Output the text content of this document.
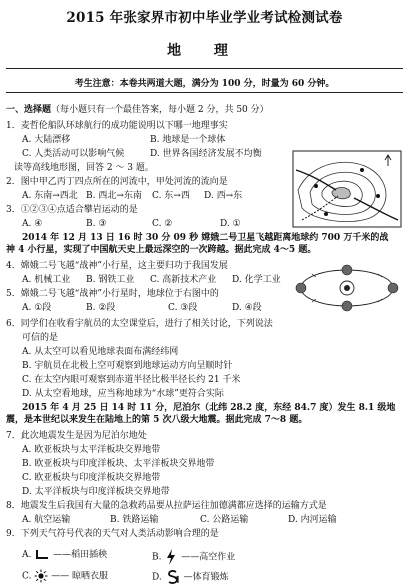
2015 年张家界市初中毕业学业考试检测试卷
地 理
考生注意：本卷共两道大题，满分为 100 分，时量为 60 分钟。
一、选择题（每小题只有一个最佳答案，每小题 2 分，共 50 分）
1．麦哲伦船队环球航行的成功能说明以下哪一地理事实
A. 大陆漂移	B. 地球是一个球体
C. 人类活动可以影响气候	D. 世界各国经济发展不均衡
读等高线地形图，回答 2 ～ 3 题。
2．图中甲乙丙丁四点所在的河流中，甲处河流的流向是
A. 东南→西北 B. 西北→东南 C. 东→西 D. 西→东
3．①②③④点适合攀岩运动的是
A. ④	B. ③	C. ②	D. ①
2014 年 12 月 13 日 16 时 30 分 09 秒 嫦娥二号卫星飞越距离地球约 700 万千米的战
神 4 小行星，实现了中国航天史上最远深空的一次跨越。据此完成 4～5 题。
4．嫦娥二号飞越“战神”小行星，这主要归功于我国发展
A. 机械工业 B. 钢铁工业 C. 高新技术产业 D. 化学工业
5．嫦娥二号飞越“战神”小行星时，地球位于右图中的
A. ①段	B. ②段	C. ③段	D. ④段
6．同学们在收看宇航员的太空课堂后，进行了相关讨论，下列说法
可信的是
A. 从太空可以看见地球表面布满经纬网
B. 宇航员在北极上空可观察到地球运动方向呈顺时针
C. 在太空内眼可观察到赤道半径比极半径长约 21 千米
D. 从太空看地球，应当称地球为“水球”更符合实际
2015 年 4 月 25 日 14 时 11 分，尼泊尔（北纬 28.2 度，东经 84.7 度）发生 8.1 级地
震，是本世纪以来发生在陆地上的第 5 次八级大地震。据此完成 7～8 题。
7．此次地震发生是因为尼泊尔地处
A. 欧亚板块与太平洋板块交界地带
B. 欧亚板块与印度洋板块、太平洋板块交界地带
C. 欧亚板块与印度洋板块交界地带
D. 太平洋板块与印度洋板块交界地带
8．地震发生后我国有大量的急救药品要从拉萨运往加德满都应选择的运输方式是
A. 航空运输	B. 铁路运输	C. 公路运输	D. 内河运输
9．下列天气符号代表的天气对人类活动影响合理的是
A. ——稻田插秧	B. ——高空作业
C. —— 晾晒衣服	D. —体育锻炼
